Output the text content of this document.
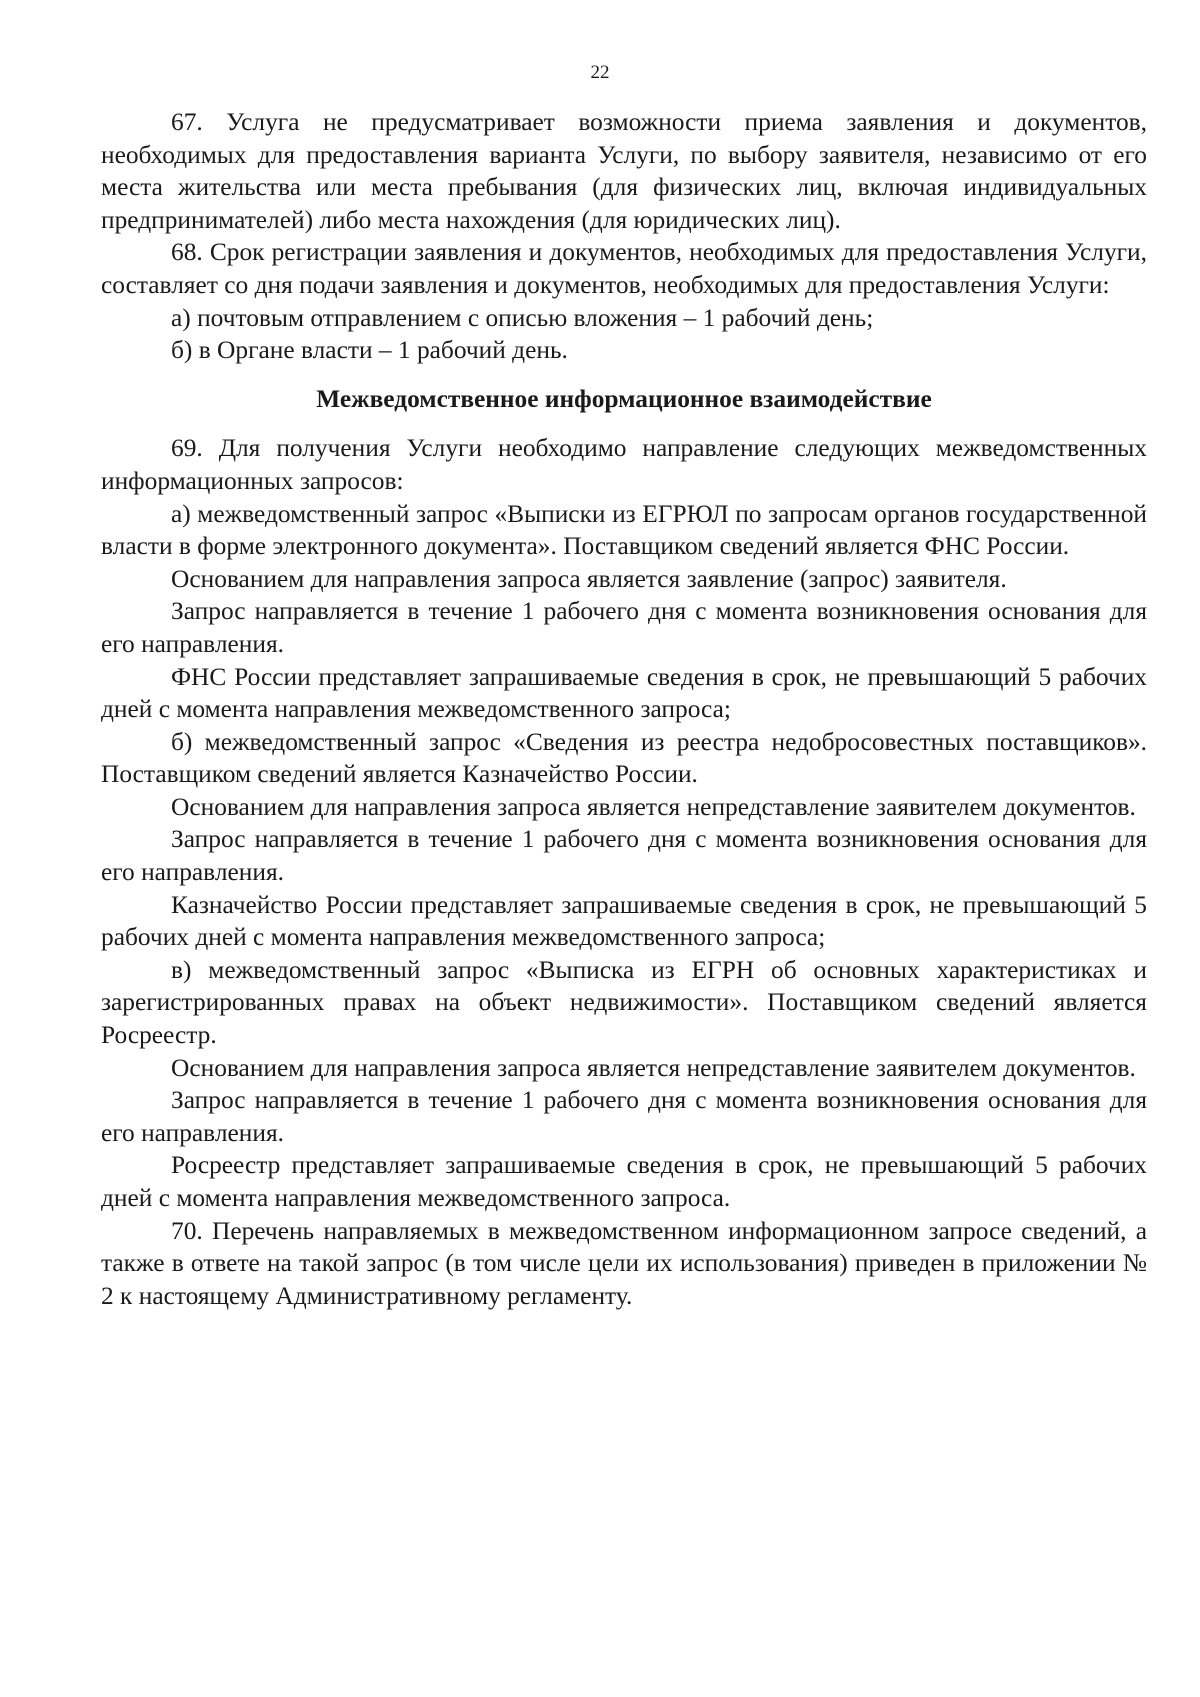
22

67. Услуга не предусматривает возможности приема заявления и документов, необходимых для предоставления варианта Услуги, по выбору заявителя, независимо от его места жительства или места пребывания (для физических лиц, включая индивидуальных предпринимателей) либо места нахождения (для юридических лиц).

68. Срок регистрации заявления и документов, необходимых для предоставления Услуги, составляет со дня подачи заявления и документов, необходимых для предоставления Услуги:

а) почтовым отправлением с описью вложения – 1 рабочий день;

б) в Органе власти – 1 рабочий день.

Межведомственное информационное взаимодействие

69. Для получения Услуги необходимо направление следующих межведомственных информационных запросов:

а) межведомственный запрос «Выписки из ЕГРЮЛ по запросам органов государственной власти в форме электронного документа». Поставщиком сведений является ФНС России.

Основанием для направления запроса является заявление (запрос) заявителя.

Запрос направляется в течение 1 рабочего дня с момента возникновения основания для его направления.

ФНС России представляет запрашиваемые сведения в срок, не превышающий 5 рабочих дней с момента направления межведомственного запроса;

б) межведомственный запрос «Сведения из реестра недобросовестных поставщиков». Поставщиком сведений является Казначейство России.

Основанием для направления запроса является непредставление заявителем документов.

Запрос направляется в течение 1 рабочего дня с момента возникновения основания для его направления.

Казначейство России представляет запрашиваемые сведения в срок, не превышающий 5 рабочих дней с момента направления межведомственного запроса;

в) межведомственный запрос «Выписка из ЕГРН об основных характеристиках и зарегистрированных правах на объект недвижимости». Поставщиком сведений является Росреестр.

Основанием для направления запроса является непредставление заявителем документов.

Запрос направляется в течение 1 рабочего дня с момента возникновения основания для его направления.

Росреестр представляет запрашиваемые сведения в срок, не превышающий 5 рабочих дней с момента направления межведомственного запроса.

70. Перечень направляемых в межведомственном информационном запросе сведений, а также в ответе на такой запрос (в том числе цели их использования) приведен в приложении № 2 к настоящему Административному регламенту.
